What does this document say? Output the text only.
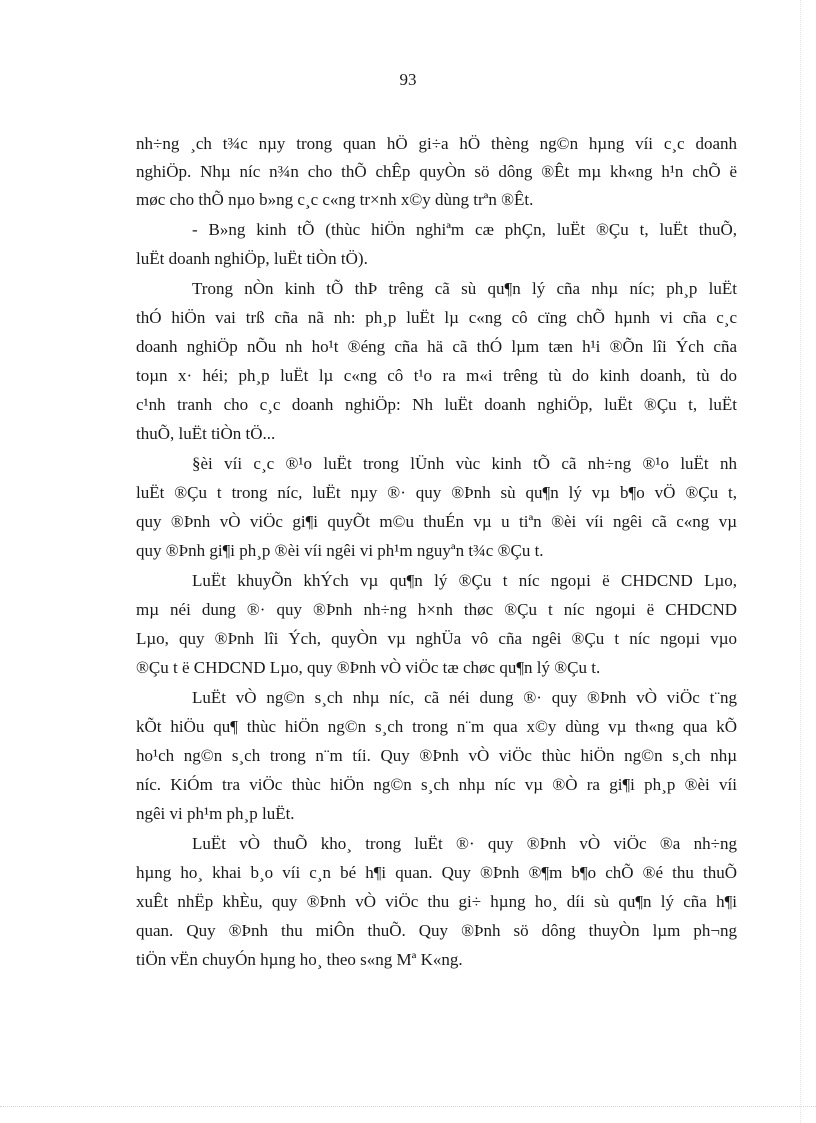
93
nh÷ng ¸ch t¾c nµy trong quan hÖ gi÷a hÖ thèng ng©n hµng víi c¸c doanh
nghiÖp. Nhµ níc n¾n cho thÕ chÊp quyÒn sö dông ®Êt mµ kh«ng h¹n chÕ ë
møc cho thÕ nµo b»ng c¸c c«ng tr×nh x©y dùng trªn ®Êt.
- B»ng kinh tÕ (thùc hiÖn nghiªm cæ phÇn, luËt ®Çu t, luËt thuÕ,
luËt doanh nghiÖp, luËt tiÒn tÖ).
Trong nÒn kinh tÕ thÞ trêng cã sù qu¶n lý cña nhµ níc; ph¸p luËt
thÓ hiÖn vai trß cña nã nh: ph¸p luËt lµ c«ng cô cïng chÕ hµnh vi cña c¸c
doanh nghiÖp nÕu nh ho¹t ®éng cña hä cã thÓ lµm tæn h¹i ®Õn lîi Ých cña
toµn x· héi; ph¸p luËt lµ c«ng cô t¹o ra m«i trêng tù do kinh doanh, tù do
c¹nh tranh cho c¸c doanh nghiÖp: Nh luËt doanh nghiÖp, luËt ®Çu t, luËt
thuÕ, luËt tiÒn tÖ...
§èi víi c¸c ®¹o luËt trong lÜnh vùc kinh tÕ cã nh÷ng ®¹o luËt nh
luËt ®Çu t trong níc, luËt nµy ®· quy ®Þnh sù qu¶n lý vµ b¶o vÖ ®Çu t,
quy ®Þnh vÒ viÖc gi¶i quyÕt m©u thuÉn vµ u tiªn ®èi víi ngêi cã c«ng vµ
quy ®Þnh gi¶i ph¸p ®èi víi ngêi vi ph¹m nguyªn t¾c ®Çu t.
LuËt khuyÕn khÝch vµ qu¶n lý ®Çu t níc ngoµi ë CHDCND Lµo,
mµ néi dung ®· quy ®Þnh nh÷ng h×nh thøc ®Çu t níc ngoµi ë CHDCND
Lµo, quy ®Þnh lîi Ých, quyÒn vµ nghÜa vô cña ngêi ®Çu t níc ngoµi vµo
®Çu t ë CHDCND Lµo, quy ®Þnh vÒ viÖc tæ chøc qu¶n lý ®Çu t.
LuËt vÒ ng©n s¸ch nhµ níc, cã néi dung ®· quy ®Þnh vÒ viÖc t¨ng
kÕt hiÖu qu¶ thùc hiÖn ng©n s¸ch trong n¨m qua x©y dùng vµ th«ng qua kÕ
ho¹ch ng©n s¸ch trong n¨m tíi. Quy ®Þnh vÒ viÖc thùc hiÖn ng©n s¸ch nhµ
níc. KiÓm tra viÖc thùc hiÖn ng©n s¸ch nhµ níc vµ ®Ò ra gi¶i ph¸p ®èi víi
ngêi vi ph¹m ph¸p luËt.
LuËt vÒ thuÕ kho¸ trong luËt ®· quy ®Þnh vÒ viÖc ®a nh÷ng
hµng ho¸ khai b¸o víi c¸n bé h¶i quan. Quy ®Þnh ®¶m b¶o chÕ ®é thu thuÕ
xuÊt nhËp khÈu, quy ®Þnh vÒ viÖc thu gi÷ hµng ho¸ díi sù qu¶n lý cña h¶i
quan. Quy ®Þnh thu miÔn thuÕ. Quy ®Þnh sö dông thuyÒn lµm ph¬ng
tiÖn vËn chuyÓn hµng ho¸ theo s«ng Mª K«ng.
